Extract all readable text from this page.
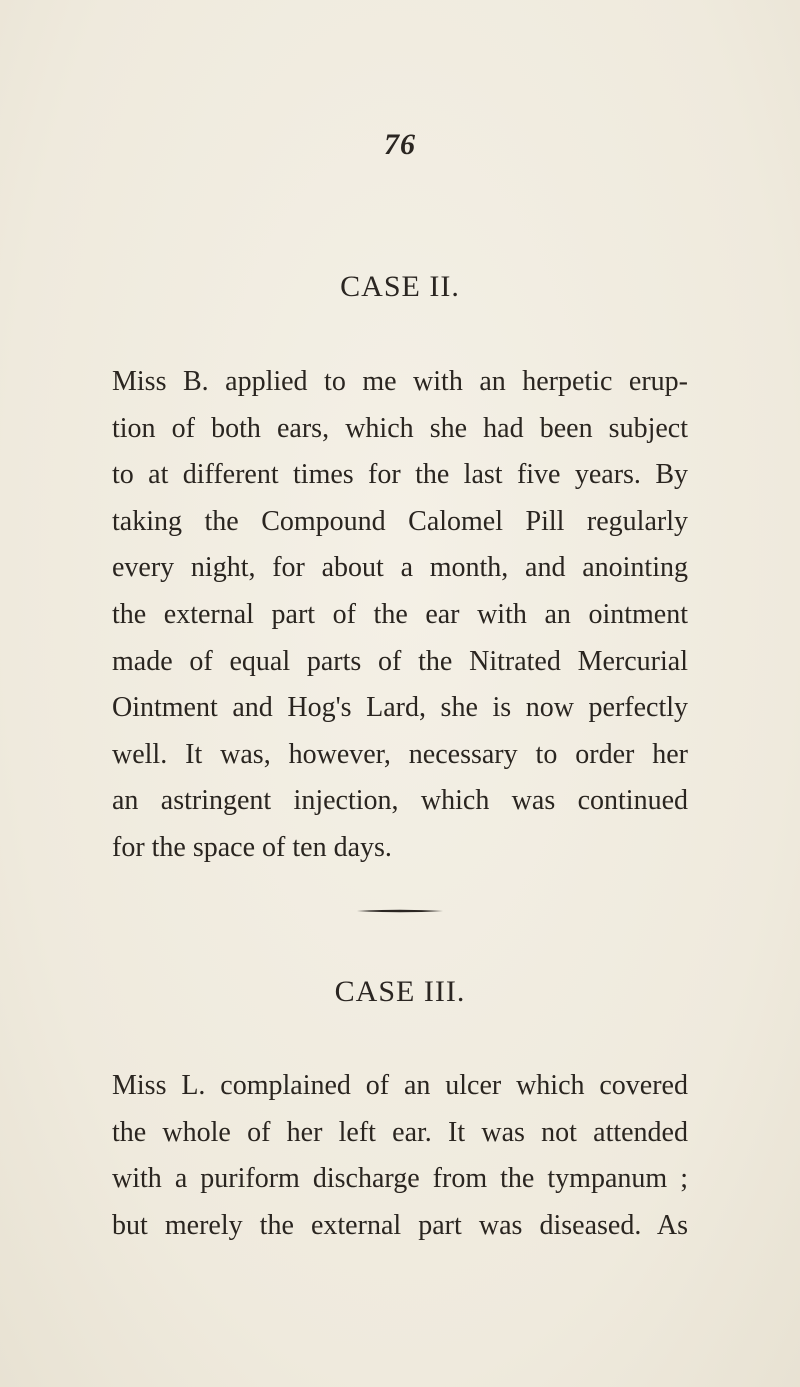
76
CASE II.

Miss B. applied to me with an herpetic erup-
tion of both ears, which she had been subject
to at different times for the last five years. By
taking the Compound Calomel Pill regularly
every night, for about a month, and anointing
the external part of the ear with an ointment
made of equal parts of the Nitrated Mercurial
Ointment and Hog's Lard, she is now perfectly
well. It was, however, necessary to order her
an astringent injection, which was continued
for the space of ten days.

CASE III.

Miss L. complained of an ulcer which covered
the whole of her left ear. It was not attended
with a puriform discharge from the tympanum ;
but merely the external part was diseased. As
